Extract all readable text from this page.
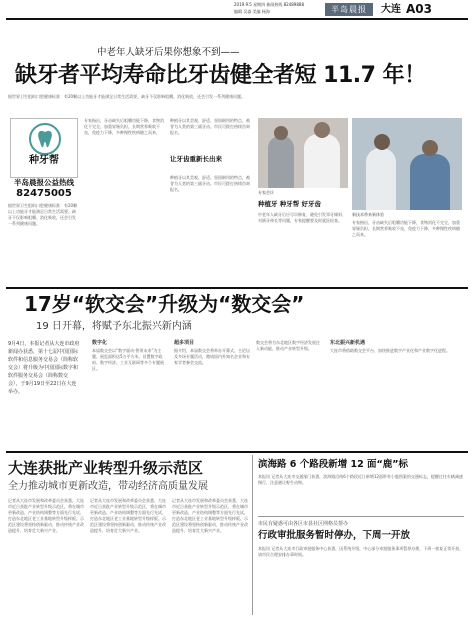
2019.9.5 星期四 新闻热线 82489888
编辑 吴淼 美编 杨海	半岛晨报	大连 A03
中老年人缺牙后果你想象不到——
缺牙者平均寿命比牙齿健全者短 11.7 年！
据世界卫生组织口腔健康标准：有20颗以上功能牙才能满足日常生活需要。缺牙不仅影响咀嚼、消化吸收，还会引发一系列健康问题。
种牙帮
半岛晨报公益热线
82475005
据世界卫生组织口腔健康标准：有20颗以上功能牙才能满足日常生活需要。缺牙不仅影响咀嚼、消化吸收，还会引发一系列健康问题。
专家指出，牙齿缺失后咀嚼功能下降，食物消化不完全，加重胃肠负担，长期营养吸收不良，免疫力下降，多种慢性疾病随之而来。
种植牙以其美观、舒适、坚固耐用的特点，被誉为人类的第三副牙齿。市民可拨打热线咨询报名。
让牙齿重新长出来
种植牙以其美观、舒适、坚固耐用的特点，被誉为人类的第三副牙齿。市民可拨打热线咨询报名。
专家会诊
新技术带来新体验
种植牙 种牙帮 好牙齿
中老年人缺牙后应尽早修复，避免引发邻牙倾斜、对颌牙伸长等问题，专家提醒要及时就医检查。	专家指出，牙齿缺失后咀嚼功能下降，食物消化不完全，加重胃肠负担，长期营养吸收不良，免疫力下降，多种慢性疾病随之而来。
17岁“软交会”升级为“数交会”
19 日开幕，将赋予东北振兴新内涵
9月4日，本报记者从大连市政府新闻办获悉，第十七届中国国际软件和信息服务交易会（简称软交会）将升级为中国国际数字和软件服务交易会（简称数交会），于9月19日至22日在大连举办。
数字化
本届数交会以“数字驱动·智领未来”为主题，展览面积达5万平方米，设置数字政府、数字经济、工业互联网等多个专题展区。
超多项目
据介绍，本届数交会将举办开幕式、主论坛及多场专题活动，邀请国内外知名企业和专家学者参会交流。
数交会将为东北地区数字经济发展注入新动能，推动产业转型升级。
东北振兴新机遇
大连市将借助数交会平台，加快推进数字产业化和产业数字化进程。
大连获批产业转型升级示范区
全力推动城市更新改造，带动经济高质量发展
记者从大连市发展和改革委员会获悉，大连市近日获批产业转型升级示范区，将在城市更新改造、产业结构调整等方面先行先试，打造东北地区老工业基地转型升级样板。示范区建设将坚持创新驱动，推动传统产业改造提升，培育壮大新兴产业。
记者从大连市发展和改革委员会获悉，大连市近日获批产业转型升级示范区，将在城市更新改造、产业结构调整等方面先行先试，打造东北地区老工业基地转型升级样板。示范区建设将坚持创新驱动，推动传统产业改造提升，培育壮大新兴产业。
记者从大连市发展和改革委员会获悉，大连市近日获批产业转型升级示范区，将在城市更新改造、产业结构调整等方面先行先试，打造东北地区老工业基地转型升级样板。示范区建设将坚持创新驱动，推动传统产业改造提升，培育壮大新兴产业。
滨海路 6 个路段新增 12 面“鹿”标
本报讯 记者从大连市交通部门获悉，滨海路沿线6个路段近日新增12面带有小鹿图案的交通标志，提醒过往车辆减速慢行，注意避让野生动物。
市民有疑惑可由各区市县社区网格员帮办
行政审批服务暂时停办，下周一开放
本报讯 记者从大连市行政审批服务中心获悉，因系统升级，中心部分审批服务事项暂停办理，下周一恢复正常开放，请市民合理安排办事时间。
